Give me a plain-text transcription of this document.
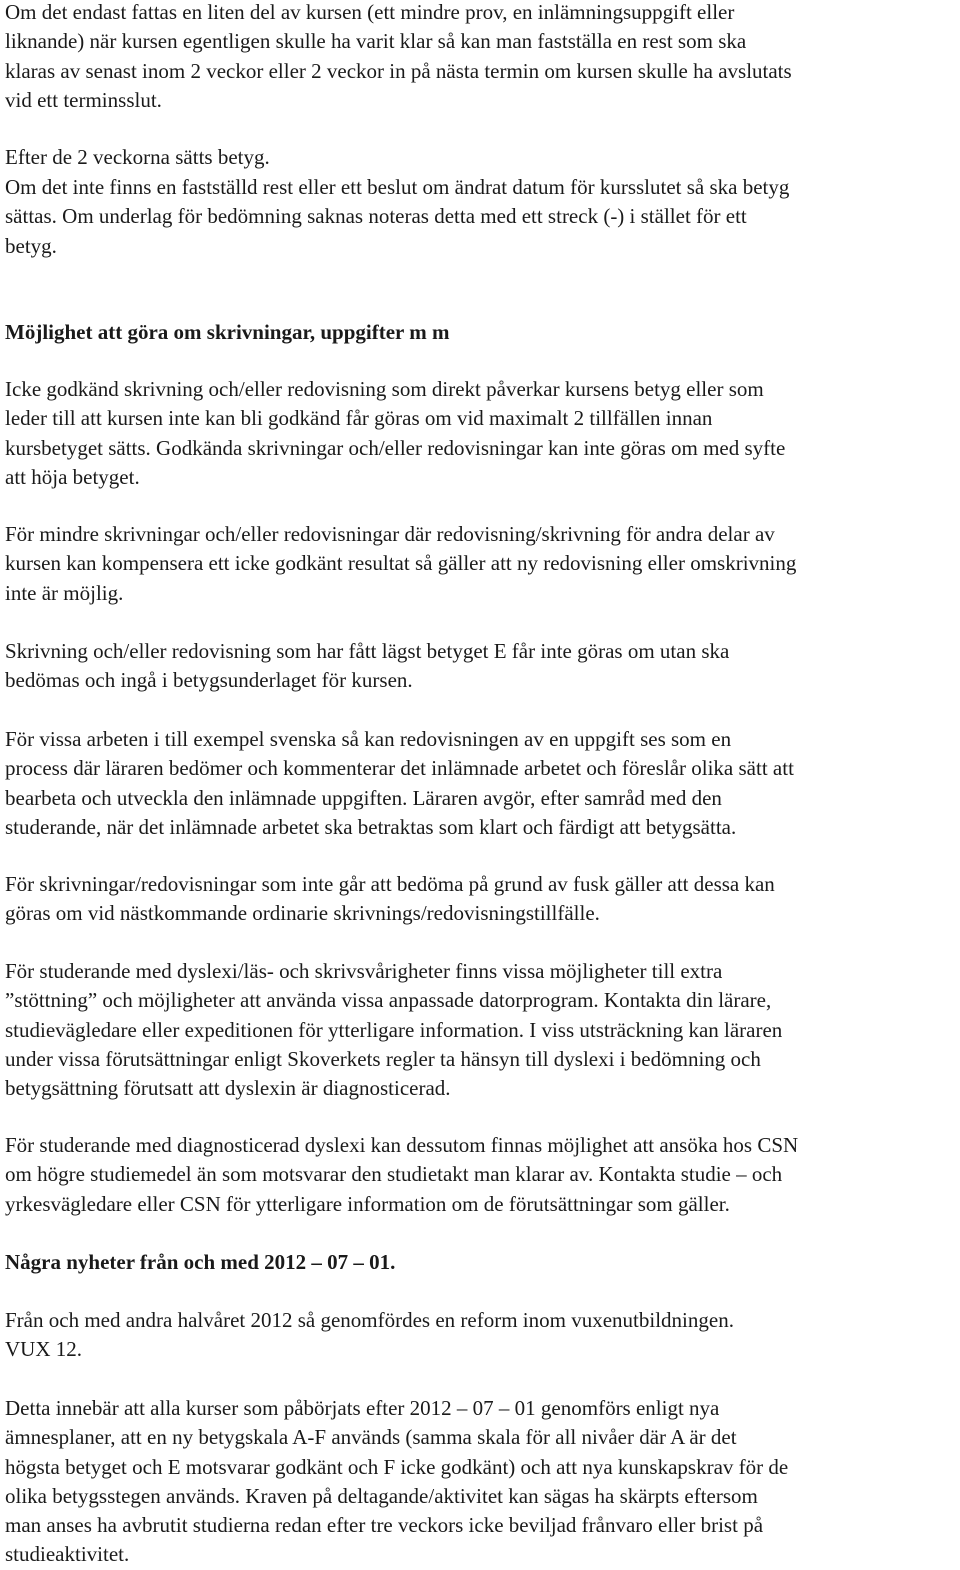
Om det endast fattas en liten del av kursen (ett mindre prov, en inlämningsuppgift eller
liknande) när kursen egentligen skulle ha varit klar så kan man fastställa en rest som ska
klaras av senast inom 2 veckor eller 2 veckor in på nästa termin om kursen skulle ha avslutats
vid ett terminsslut.

Efter de 2 veckorna sätts betyg.

Om det inte finns en fastställd rest eller ett beslut om ändrat datum för kursslutet så ska betyg
sättas. Om underlag för bedömning saknas noteras detta med ett streck (-) i stället för ett
betyg.

Möjlighet att göra om skrivningar, uppgifter m m

Icke godkänd skrivning och/eller redovisning som direkt påverkar kursens betyg eller som
leder till att kursen inte kan bli godkänd får göras om vid maximalt 2 tillfällen innan
kursbetyget sätts. Godkända skrivningar och/eller redovisningar kan inte göras om med syfte
att höja betyget.

För mindre skrivningar och/eller redovisningar där redovisning/skrivning för andra delar av
kursen kan kompensera ett icke godkänt resultat så gäller att ny redovisning eller omskrivning
inte är möjlig.

Skrivning och/eller redovisning som har fått lägst betyget E får inte göras om utan ska
bedömas och ingå i betygsunderlaget för kursen.

För vissa arbeten i till exempel svenska så kan redovisningen av en uppgift ses som en
process där läraren bedömer och kommenterar det inlämnade arbetet och föreslår olika sätt att
bearbeta och utveckla den inlämnade uppgiften. Läraren avgör, efter samråd med den
studerande, när det inlämnade arbetet ska betraktas som klart och färdigt att betygsätta.

För skrivningar/redovisningar som inte går att bedöma på grund av fusk gäller att dessa kan
göras om vid nästkommande ordinarie skrivnings/redovisningstillfälle.

För studerande med dyslexi/läs- och skrivsvårigheter finns vissa möjligheter till extra
”stöttning” och möjligheter att använda vissa anpassade datorprogram. Kontakta din lärare,
studievägledare eller expeditionen för ytterligare information. I viss utsträckning kan läraren
under vissa förutsättningar enligt Skoverkets regler ta hänsyn till dyslexi i bedömning och
betygsättning förutsatt att dyslexin är diagnosticerad.

För studerande med diagnosticerad dyslexi kan dessutom finnas möjlighet att ansöka hos CSN
om högre studiemedel än som motsvarar den studietakt man klarar av. Kontakta studie – och
yrkesvägledare eller CSN för ytterligare information om de förutsättningar som gäller.

Några nyheter från och med 2012 – 07 – 01.

Från och med andra halvåret 2012 så genomfördes en reform inom vuxenutbildningen.
VUX 12.

Detta innebär att alla kurser som påbörjats efter 2012 – 07 – 01 genomförs enligt nya
ämnesplaner, att en ny betygskala A-F används (samma skala för all nivåer där A är det
högsta betyget och E motsvarar godkänt och F icke godkänt) och att nya kunskapskrav för de
olika betygsstegen används. Kraven på deltagande/aktivitet kan sägas ha skärpts eftersom
man anses ha avbrutit studierna redan efter tre veckors icke beviljad frånvaro eller brist på
studieaktivitet.
